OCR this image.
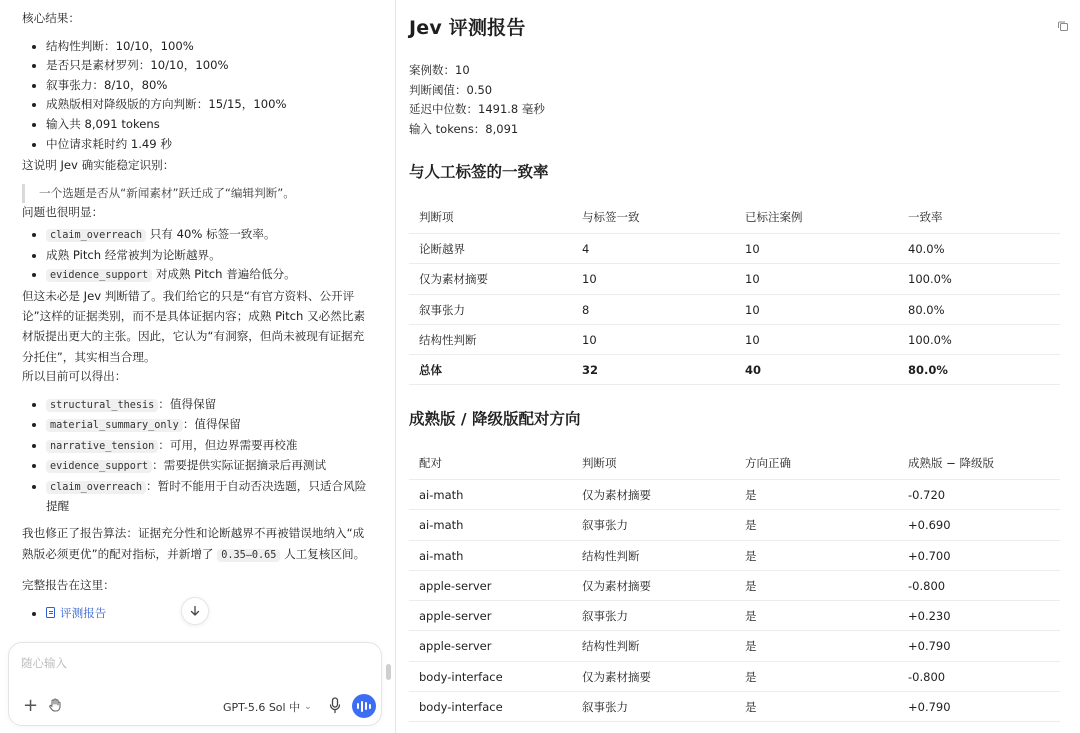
核心结果：

结构性判断：10/10，100%
是否只是素材罗列：10/10，100%
叙事张力：8/10，80%
成熟版相对降级版的方向判断：15/15，100%
输入共 8,091 tokens
中位请求耗时约 1.49 秒

这说明 Jev 确实能稳定识别：

一个选题是否从“新闻素材”跃迁成了“编辑判断”。

问题也很明显：

claim_overreach 只有 40% 标签一致率。
成熟 Pitch 经常被判为论断越界。
evidence_support 对成熟 Pitch 普遍给低分。

但这未必是 Jev 判断错了。我们给它的只是“有官方资料、公开评论”这样的证据类别，而不是具体证据内容；成熟 Pitch 又必然比素材版提出更大的主张。因此，它认为“有洞察，但尚未被现有证据充分托住”，其实相当合理。

所以目前可以得出：

structural_thesis ：值得保留
material_summary_only ：值得保留
narrative_tension ：可用，但边界需要再校准
evidence_support ：需要提供实际证据摘录后再测试
claim_overreach ：暂时不能用于自动否决选题，只适合风险提醒

我也修正了报告算法：证据充分性和论断越界不再被错误地纳入“成熟版必须更优”的配对指标，并新增了 0.35–0.65 人工复核区间。

完整报告在这里：

评测报告
随心输入
+	GPT-5.6 Sol 中 ⌄
Jev 评测报告
案例数：10
判断阈值：0.50
延迟中位数：1491.8 毫秒
输入 tokens：8,091
与人工标签的一致率
判断项	与标签一致	已标注案例	一致率
论断越界	4	10	40.0%
仅为素材摘要	10	10	100.0%
叙事张力	8	10	80.0%
结构性判断	10	10	100.0%
总体	32	40	80.0%
成熟版 / 降级版配对方向
配对	判断项	方向正确	成熟版 − 降级版
ai-math	仅为素材摘要	是	-0.720
ai-math	叙事张力	是	+0.690
ai-math	结构性判断	是	+0.700
apple-server	仅为素材摘要	是	-0.800
apple-server	叙事张力	是	+0.230
apple-server	结构性判断	是	+0.790
body-interface	仅为素材摘要	是	-0.800
body-interface	叙事张力	是	+0.790
